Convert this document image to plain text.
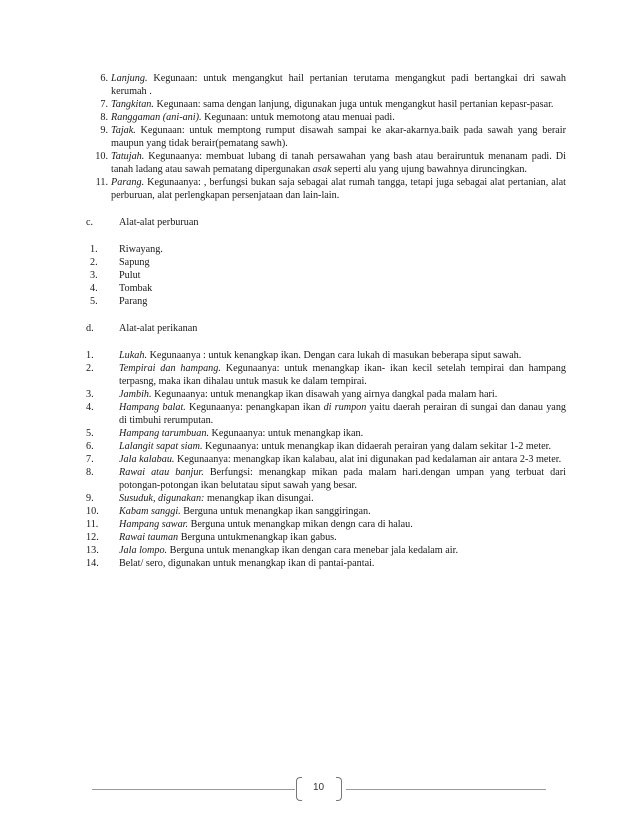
6. Lanjung. Kegunaan: untuk mengangkut hail pertanian terutama mengangkut padi bertangkai dri sawah kerumah .
7. Tangkitan. Kegunaan: sama dengan lanjung, digunakan juga untuk mengangkut hasil pertanian kepasr-pasar.
8. Ranggaman (ani-ani). Kegunaan: untuk memotong atau menuai padi.
9. Tajak. Kegunaan: untuk memptong rumput disawah sampai ke akar-akarnya.baik pada sawah yang berair maupun yang tidak berair(pematang sawh).
10. Tatujah. Kegunaanya: membuat lubang di tanah persawahan yang bash atau berairuntuk menanam padi. Di tanah ladang atau sawah pematang dipergunakan asak seperti alu yang ujung bawahnya diruncingkan.
11. Parang. Kegunaanya: , berfungsi bukan saja sebagai alat rumah tangga, tetapi juga sebagai alat pertanian, alat perburuan, alat perlengkapan persenjataan dan lain-lain.
c.	Alat-alat perburuan
1.	Riwayang.
2.	Sapung
3.	Pulut
4.	Tombak
5.	Parang
d. Alat-alat perikanan
1.	Lukah. Kegunaanya : untuk kenangkap ikan. Dengan cara lukah di masukan beberapa siput sawah.
2.	Tempirai dan hampang. Kegunaanya: untuk menangkap ikan- ikan kecil setelah tempirai dan hampang terpasng, maka ikan dihalau untuk masuk ke dalam tempirai.
3.	Jambih. Kegunaanya: untuk menangkap ikan disawah yang airnya dangkal pada malam hari.
4.	Hampang balat. Kegunaanya: penangkapan ikan di rumpon yaitu daerah perairan di sungai dan danau yang di timbuhi rerumputan.
5.	Hampang tarumbuan. Kegunaanya: untuk menangkap ikan.
6.	Lalangit sapat siam. Kegunaanya: untuk menangkap ikan didaerah perairan yang dalam sekitar 1-2 meter.
7.	Jala kalabau. Kegunaanya: menangkap ikan kalabau, alat ini digunakan pad kedalaman air antara 2-3 meter.
8.	Rawai atau banjur. Berfungsi: menangkap mikan pada malam hari.dengan umpan yang terbuat dari potongan-potongan ikan belutatau siput sawah yang besar.
9.	Susuduk, digunakan: menangkap ikan disungai.
10.	Kabam sanggi. Berguna untuk menangkap ikan sanggiringan.
11.	Hampang sawar. Berguna untuk menangkap mikan dengn cara di halau.
12.	Rawai tauman Berguna untukmenangkap ikan gabus.
13.	Jala lompo. Berguna untuk menangkap ikan dengan cara menebar jala kedalam air.
14.	Belat/ sero, digunakan untuk menangkap ikan di pantai-pantai.
10
